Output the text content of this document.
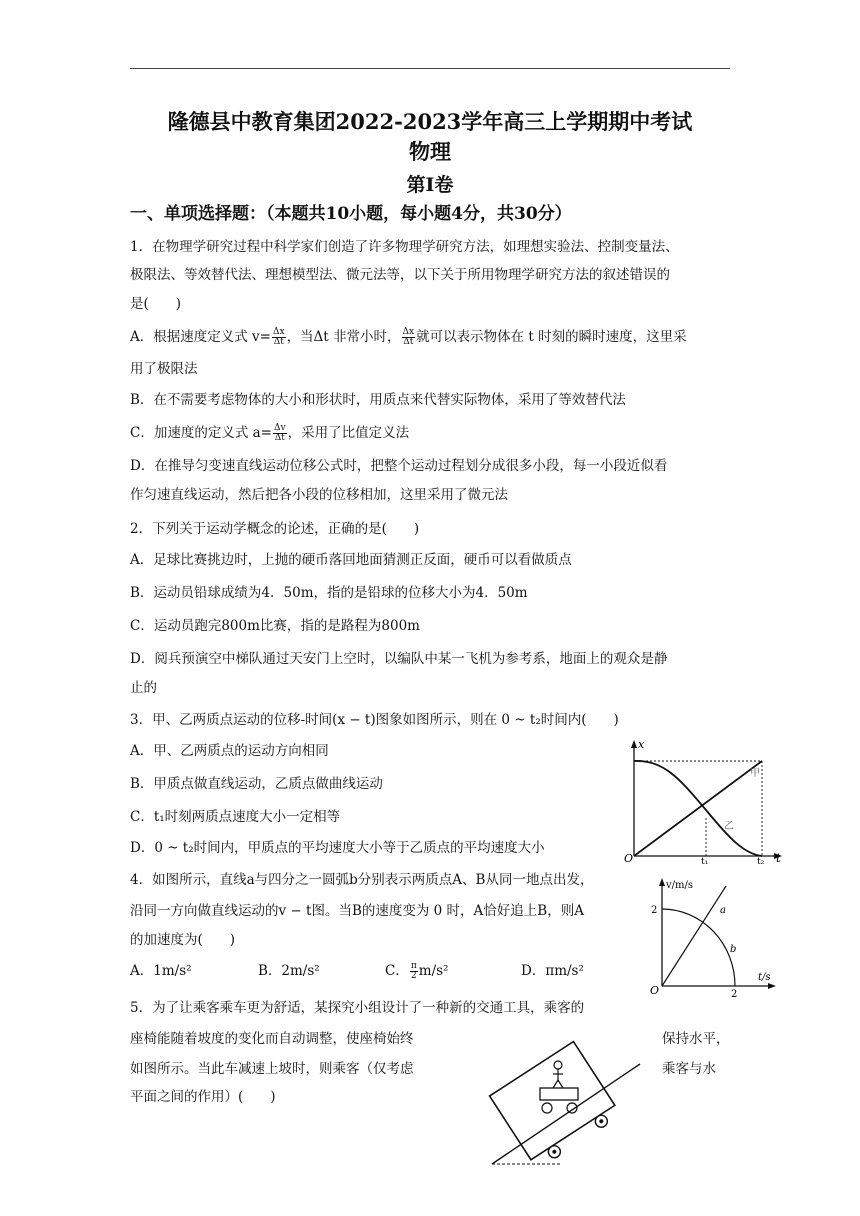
隆德县中教育集团2022-2023学年高三上学期期中考试
物理
第Ⅰ卷
一、单项选择题：（本题共10小题，每小题4分，共30分）
1．在物理学研究过程中科学家们创造了许多物理学研究方法，如理想实验法、控制变量法、
极限法、等效替代法、理想模型法、微元法等，以下关于所用物理学研究方法的叙述错误的
是(　　)
A．根据速度定义式 $v= \frac{\Delta x}{\Delta t}$ ，当Δt 非常小时， $\frac{\Delta x}{\Delta t}$ 就可以表示物体在 t 时刻的瞬时速度，这里采
用了极限法
B．在不需要考虑物体的大小和形状时，用质点来代替实际物体，采用了等效替代法
C．加速度的定义式 $a= \frac{\Delta v}{\Delta t}$ ，采用了比值定义法
D．在推导匀变速直线运动位移公式时，把整个运动过程划分成很多小段，每一小段近似看
作匀速直线运动，然后把各小段的位移相加，这里采用了微元法
2．下列关于运动学概念的论述，正确的是(　　)
A．足球比赛挑边时，上抛的硬币落回地面猜测正反面，硬币可以看做质点
B．运动员铅球成绩为4．50m，指的是铅球的位移大小为4．50m
C．运动员跑完800m比赛，指的是路程为800m
D．阅兵预演空中梯队通过天安门上空时，以编队中某一飞机为参考系，地面上的观众是静
止的
3．甲、乙两质点运动的位移-时间(x − t)图象如图所示，则在 0 ~ t₂时间内(　　)
A．甲、乙两质点的运动方向相同
B．甲质点做直线运动，乙质点做曲线运动
C．t₁时刻两质点速度大小一定相等
D．0 ~ t₂时间内，甲质点的平均速度大小等于乙质点的平均速度大小
x
t
O	t₁	t₂
甲
乙
4．如图所示，直线a与四分之一圆弧b分别表示两质点A、B从同一地点出发，
沿同一方向做直线运动的v − t图。当B的速度变为 0 时，A恰好追上B，则A
的加速度为(　　)
A．1m/s²	B．2m/s²	C． $\frac{\pi}{2} m/s^2$	D．πm/s²
v/m/s
t/s
O
2
2
a
b
5．为了让乘客乘车更为舒适，某探究小组设计了一种新的交通工具，乘客的
座椅能随着坡度的变化而自动调整，使座椅始终	保持水平，
如图所示。当此车减速上坡时，则乘客（仅考虑	乘客与水
平面之间的作用）(　　)
